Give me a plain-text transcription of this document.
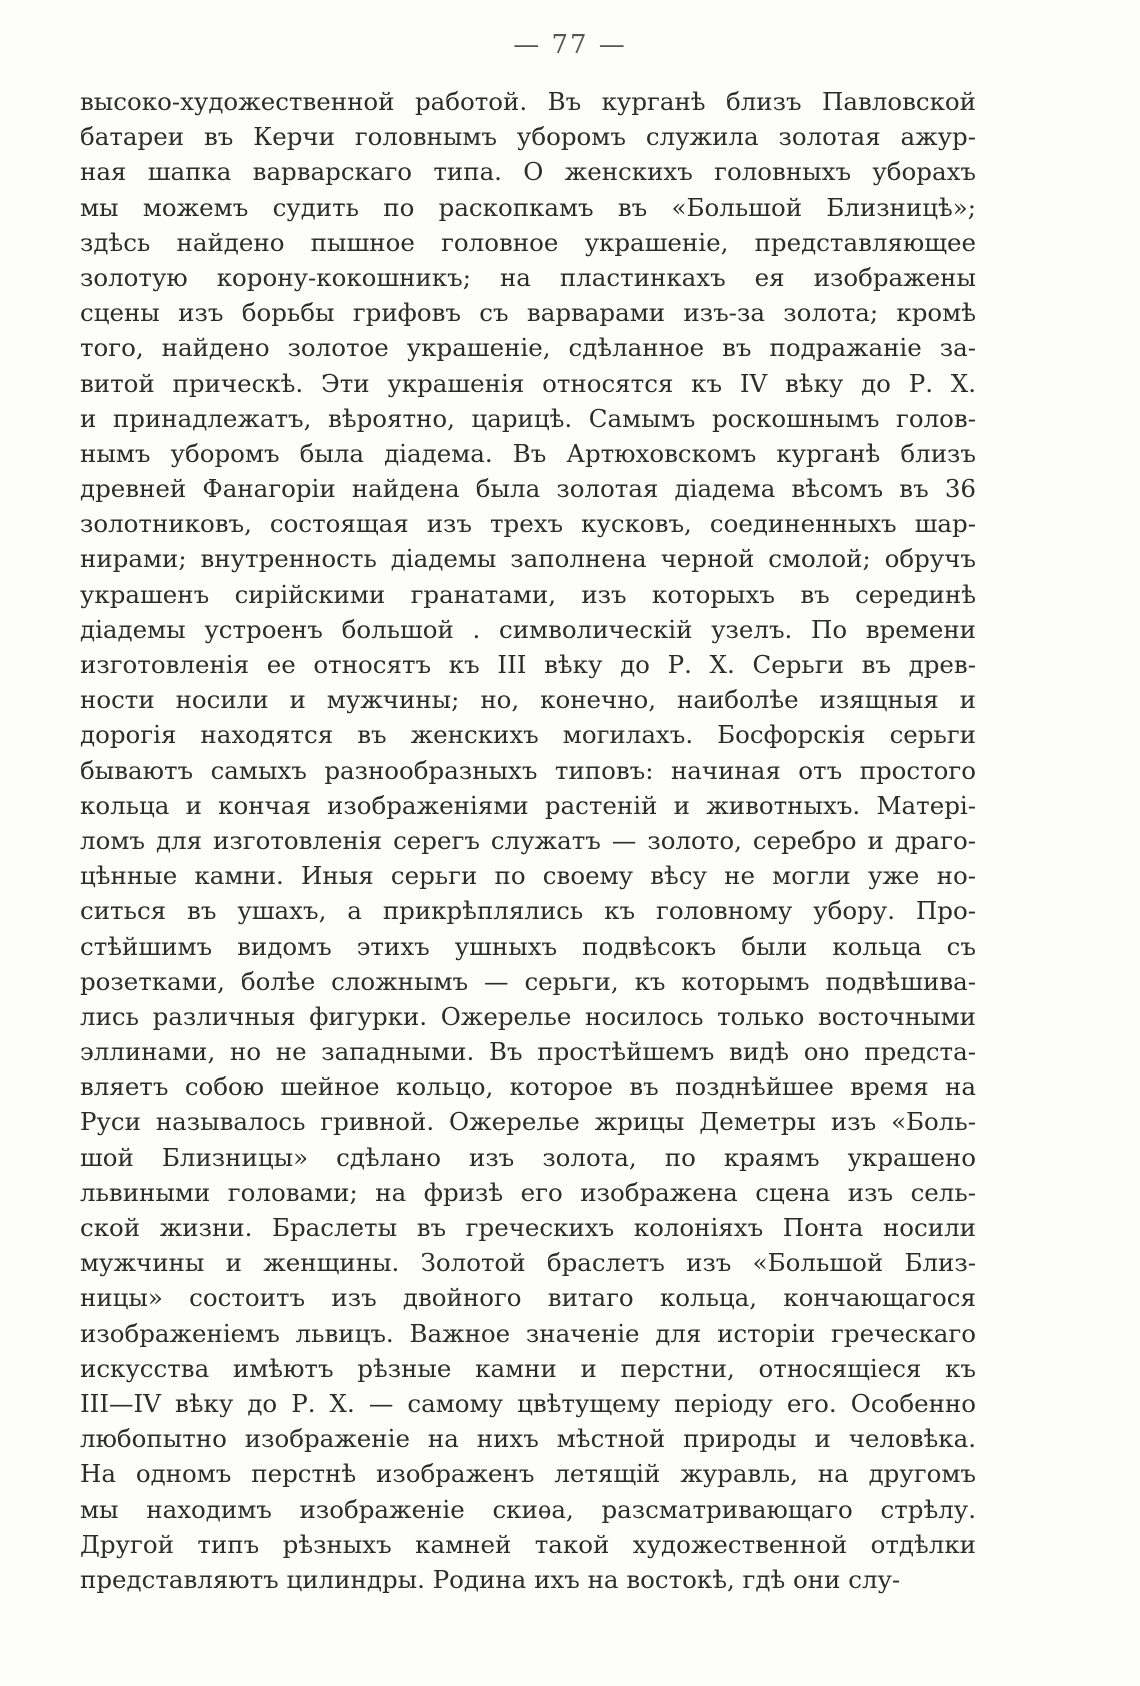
— 77 —
высоко-художественной работой. Въ курганѣ близъ Павловской
батареи въ Керчи головнымъ уборомъ служила золотая ажур-
ная шапка варварскаго типа. О женскихъ головныхъ уборахъ
мы можемъ судить по раскопкамъ въ «Большой Близницѣ»;
здѣсь найдено пышное головное украшеніе, представляющее
золотую корону-кокошникъ; на пластинкахъ ея изображены
сцены изъ борьбы грифовъ съ варварами изъ-за золота; кромѣ
того, найдено золотое украшеніе, сдѣланное въ подражаніе за-
витой прическѣ. Эти украшенія относятся къ IV вѣку до Р. Х.
и принадлежатъ, вѣроятно, царицѣ. Самымъ роскошнымъ голов-
нымъ уборомъ была діадема. Въ Артюховскомъ курганѣ близъ
древней Фанагоріи найдена была золотая діадема вѣсомъ въ 36
золотниковъ, состоящая изъ трехъ кусковъ, соединенныхъ шар-
нирами; внутренность діадемы заполнена черной смолой; обручъ
украшенъ сирійскими гранатами, изъ которыхъ въ серединѣ
діадемы устроенъ большой . символическій узелъ. По времени
изготовленія ее относятъ къ III вѣку до Р. Х. Серьги въ древ-
ности носили и мужчины; но, конечно, наиболѣе изящныя и
дорогія находятся въ женскихъ могилахъ. Босфорскія серьги
бываютъ самыхъ разнообразныхъ типовъ: начиная отъ простого
кольца и кончая изображеніями растеній и животныхъ. Матері-
ломъ для изготовленія серегъ служатъ — золото, серебро и драго-
цѣнные камни. Иныя серьги по своему вѣсу не могли уже но-
ситься въ ушахъ, а прикрѣплялись къ головному убору. Про-
стѣйшимъ видомъ этихъ ушныхъ подвѣсокъ были кольца съ
розетками, болѣе сложнымъ — серьги, къ которымъ подвѣшива-
лись различныя фигурки. Ожерелье носилось только восточными
эллинами, но не западными. Въ простѣйшемъ видѣ оно предста-
вляетъ собою шейное кольцо, которое въ позднѣйшее время на
Руси называлось гривной. Ожерелье жрицы Деметры изъ «Боль-
шой Близницы» сдѣлано изъ золота, по краямъ украшено
львиными головами; на фризѣ его изображена сцена изъ сель-
ской жизни. Браслеты въ греческихъ колоніяхъ Понта носили
мужчины и женщины. Золотой браслетъ изъ «Большой Близ-
ницы» состоитъ изъ двойного витаго кольца, кончающагося
изображеніемъ львицъ. Важное значеніе для исторіи греческаго
искусства имѣютъ рѣзные камни и перстни, относящіеся къ
III—IV вѣку до Р. Х. — самому цвѣтущему періоду его. Особенно
любопытно изображеніе на нихъ мѣстной природы и человѣка.
На одномъ перстнѣ изображенъ летящій журавль, на другомъ
мы находимъ изображеніе скиѳа, разсматривающаго стрѣлу.
Другой типъ рѣзныхъ камней такой художественной отдѣлки
представляютъ цилиндры. Родина ихъ на востокѣ, гдѣ они слу-
